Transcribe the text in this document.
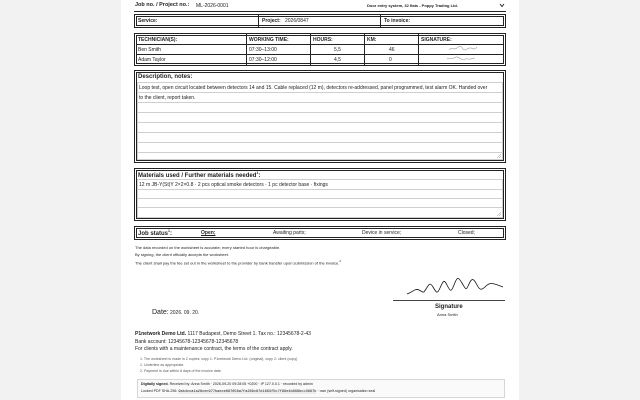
Job no. / Project no.: ML-2026-0001	Door entry system, 32 flats - Poppy Trading Ltd.
Service:	Project: 2026/0847	To invoice:
TECHNICIAN(S):	WORKING TIME:	HOURS:	KM:	SIGNATURE:
Ben Smith	07:30–13:00	5,5	46
Adam Taylor	07:30–12:00	4,5	0
Description, notes:
Loop test, open circuit located between detectors 14 and 15. Cable replaced (12 m), detectors re-addressed, panel programmed, test alarm OK. Handed over
to the client, report taken.
Materials used / Further materials needed$^1$:
12 m JB-Y(St)Y 2×2×0.8 · 2 pcs optical smoke detectors · 1 pc detector base · fixings
Job status$^1$:	Open;	Awaiting parts;	Device in service;	Closed;
The data recorded on the worksheet is accurate; every started hour is chargeable.
By signing, the client officially accepts the worksheet.
The client shall pay the fee set out in the worksheet to the provider by bank transfer upon submission of the invoice.$^2$
Signature
Anna Smith
Date: 2026. 09. 20.
P1network Demo Ltd. 1117 Budapest, Demo Street 1. Tax no.: 12345678-2-43
Bank account: 12345678-12345678-12345678
For clients with a maintenance contract, the terms of the contract apply.
1. The worksheet is made in 2 copies: copy 1: P1network Demo Ltd. (original), copy 2: client (copy)
1. Underline as appropriate.
2. Payment is due within 8 days of the invoice date.
Digitally signed. Received by: Anna Smith · 2026-09-20 09:28:05 +0200 · IP 127.0.0.1 · recorded by admin
Locked PDF SHA-256: 9ab4cca1a28cec977baece887658a7fa289c87d1663f5c7f99e4b869bcc3687b · own (self-signed) organisation seal
